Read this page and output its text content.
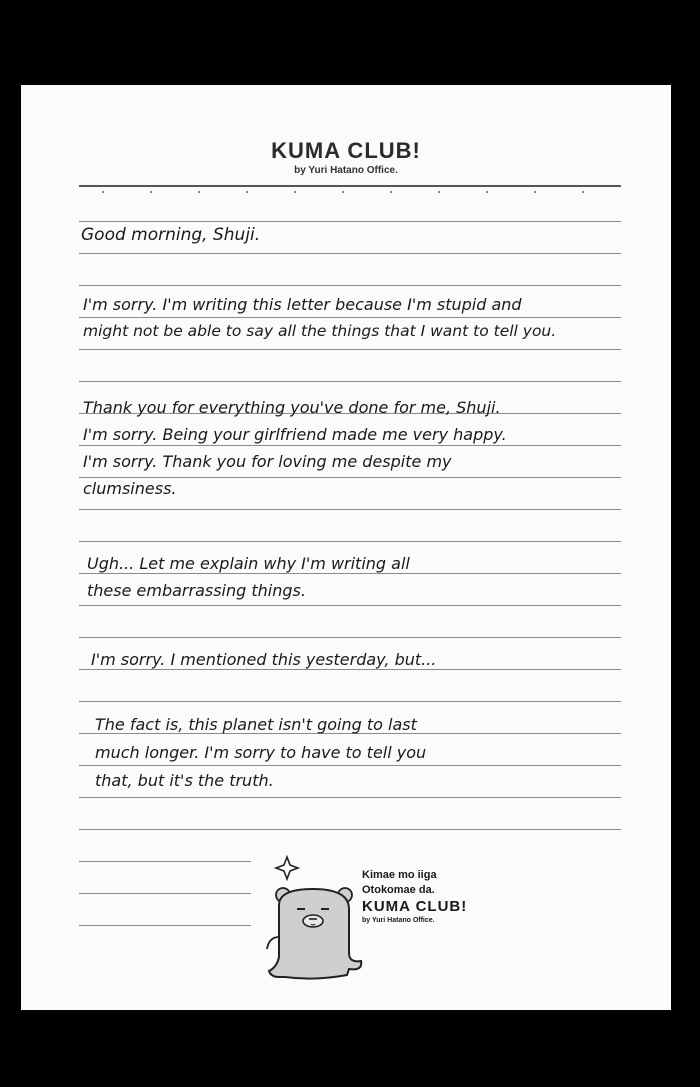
KUMA CLUB!
by Yuri Hatano Office.
Good morning, Shuji.
I'm sorry. I'm writing this letter because I'm stupid and
might not be able to say all the things that I want to tell you.
Thank you for everything you've done for me, Shuji.
I'm sorry. Being your girlfriend made me very happy.
I'm sorry. Thank you for loving me despite my
clumsiness.
Ugh... Let me explain why I'm writing all
these embarrassing things.
I'm sorry. I mentioned this yesterday, but...
The fact is, this planet isn't going to last
much longer. I'm sorry to have to tell you
that, but it's the truth.
Kimae mo iiga
Otokomae da.
KUMA CLUB!
by Yuri Hatano Office.
